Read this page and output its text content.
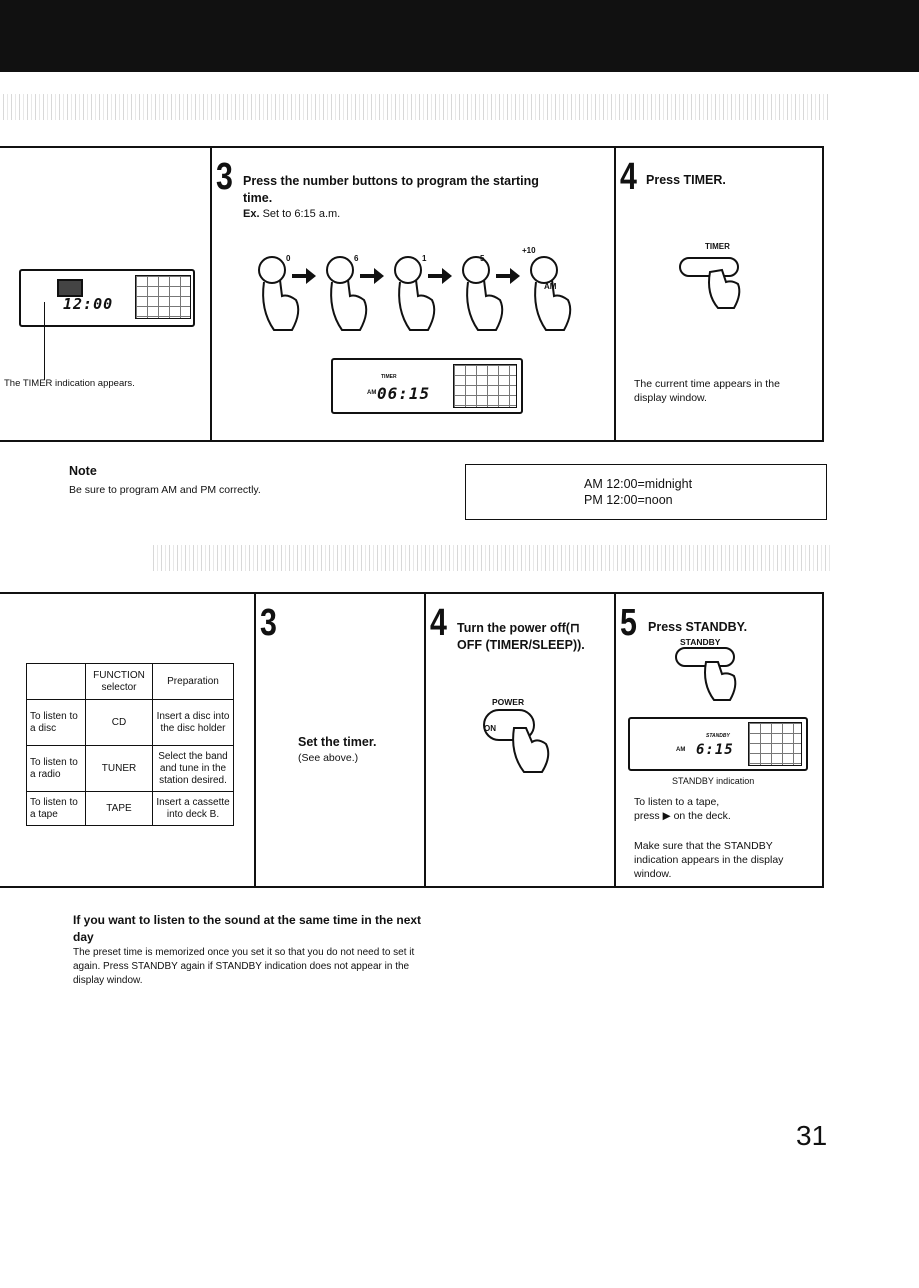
12:00
The TIMER indication appears.
3 Press the number buttons to program the starting time.
Ex. Set to 6:15 a.m.
0	6	1	5
+10
AM
TIMER
AM 06:15
4 Press TIMER.
TIMER
The current time appears in the display window.
Note
Be sure to program AM and PM correctly.	AM 12:00=midnight
PM 12:00=noon
	FUNCTION selector	Preparation
To listen to a disc	CD	Insert a disc into the disc holder
To listen to a radio	TUNER	Select the band and tune in the station desired.
To listen to a tape	TAPE	Insert a cassette into deck B.
3
Set the timer.
(See above.)
4 Turn the power off(⊓ OFF (TIMER/SLEEP)).
POWER
ON
5 Press STANDBY.
STANDBY
STANDBY
AM 6:15
STANDBY indication
To listen to a tape,
press ▶ on the deck.
Make sure that the STANDBY indication appears in the display window.
If you want to listen to the sound at the same time in the next day
The preset time is memorized once you set it so that you do not need to set it again. Press STANDBY again if STANDBY indication does not appear in the display window.
31
